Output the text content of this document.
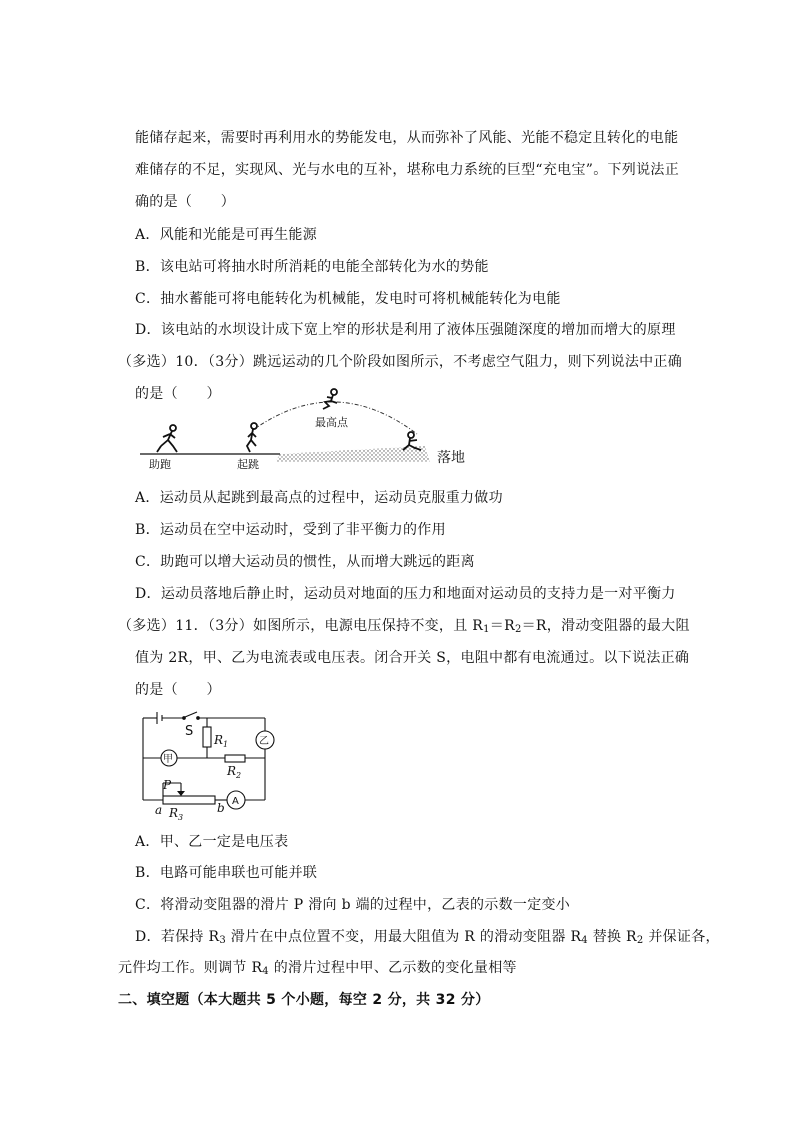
能储存起来，需要时再利用水的势能发电，从而弥补了风能、光能不稳定且转化的电能
难储存的不足，实现风、光与水电的互补，堪称电力系统的巨型“充电宝”。下列说法正
确的是（　　）
A．风能和光能是可再生能源
B．该电站可将抽水时所消耗的电能全部转化为水的势能
C．抽水蓄能可将电能转化为机械能，发电时可将机械能转化为电能
D．该电站的水坝设计成下宽上窄的形状是利用了液体压强随深度的增加而增大的原理
（多选）10．（3分）跳远运动的几个阶段如图所示，不考虑空气阻力，则下列说法中正确
的是（　　）
助跑	起跳
最高点
落地
A．运动员从起跳到最高点的过程中，运动员克服重力做功
B．运动员在空中运动时，受到了非平衡力的作用
C．助跑可以增大运动员的惯性，从而增大跳远的距离
D．运动员落地后静止时，运动员对地面的压力和地面对运动员的支持力是一对平衡力
（多选）11．（3分）如图所示，电源电压保持不变，且 $R_1=R_2=R$，滑动变阻器的最大阻
值为 2R，甲、乙为电流表或电压表。闭合开关 S，电阻中都有电流通过。以下说法正确
的是（　　）
甲
乙
A
S
$R_1$
$R_2$
$R_3$
P
a	b
A．甲、乙一定是电压表
B．电路可能串联也可能并联
C．将滑动变阻器的滑片 P 滑向 b 端的过程中，乙表的示数一定变小
D．若保持 $R_3$ 滑片在中点位置不变，用最大阻值为 R 的滑动变阻器 $R_4$ 替换 $R_2$ 并保证各，
元件均工作。则调节 $R_4$ 的滑片过程中甲、乙示数的变化量相等
二、填空题（本大题共 5 个小题，每空 2 分，共 32 分）
